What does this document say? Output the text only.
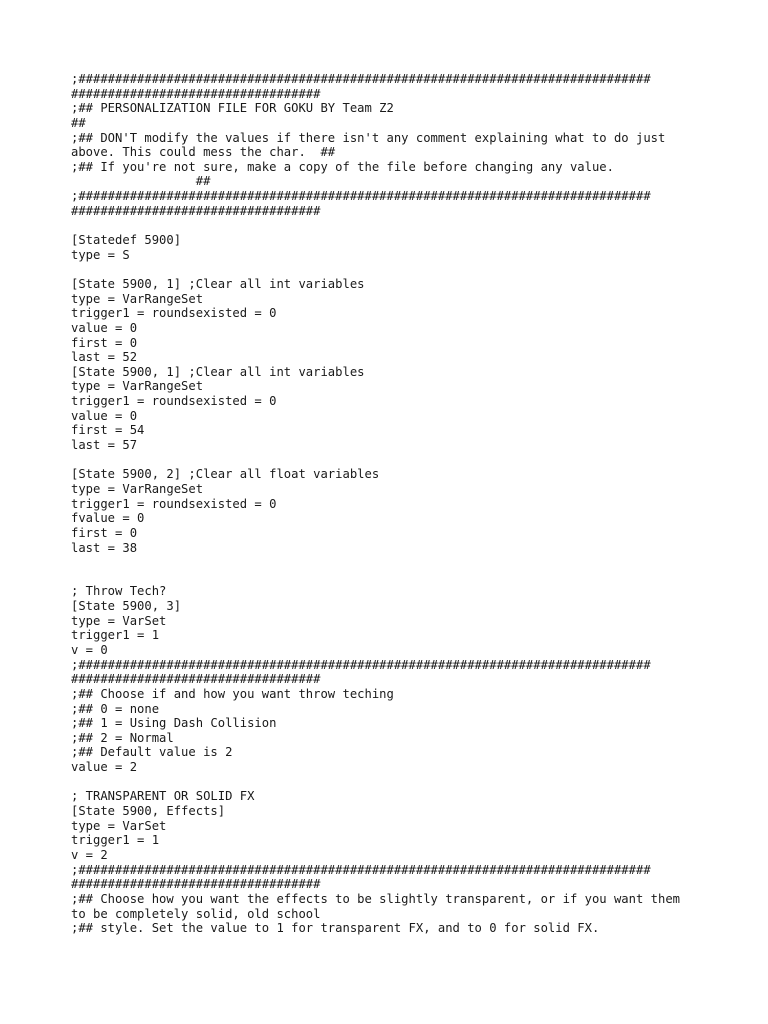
;##############################################################################
##################################
;## PERSONALIZATION FILE FOR GOKU BY Team Z2
##
;## DON'T modify the values if there isn't any comment explaining what to do just
above. This could mess the char.  ##
;## If you're not sure, make a copy of the file before changing any value.
##
;##############################################################################
##################################
[Statedef 5900]
type = S
[State 5900, 1] ;Clear all int variables
type = VarRangeSet
trigger1 = roundsexisted = 0
value = 0
first = 0
last = 52
[State 5900, 1] ;Clear all int variables
type = VarRangeSet
trigger1 = roundsexisted = 0
value = 0
first = 54
last = 57
[State 5900, 2] ;Clear all float variables
type = VarRangeSet
trigger1 = roundsexisted = 0
fvalue = 0
first = 0
last = 38
; Throw Tech?
[State 5900, 3]
type = VarSet
trigger1 = 1
v = 0
;##############################################################################
##################################
;## Choose if and how you want throw teching
;## 0 = none
;## 1 = Using Dash Collision
;## 2 = Normal
;## Default value is 2
value = 2
; TRANSPARENT OR SOLID FX
[State 5900, Effects]
type = VarSet
trigger1 = 1
v = 2
;##############################################################################
##################################
;## Choose how you want the effects to be slightly transparent, or if you want them
to be completely solid, old school
;## style. Set the value to 1 for transparent FX, and to 0 for solid FX.
